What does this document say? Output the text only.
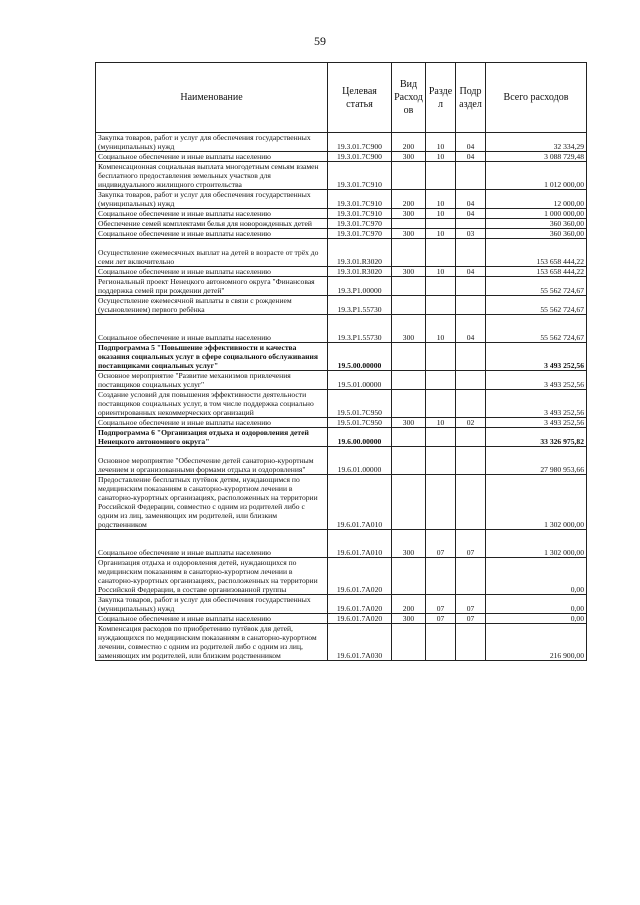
59
Наименование	Целевая статья	Вид Расход ов	Разде л	Подр аздел	Всего расходов
Закупка товаров, работ и услуг для обеспечения государственных (муниципальных) нужд	19.3.01.7С900	200	10	04	32 334,29
Социальное обеспечение и иные выплаты населению	19.3.01.7С900	300	10	04	3 088 729,48
Компенсационная социальная выплата многодетным семьям взамен бесплатного предоставления земельных участков для индивидуального жилищного строительства	19.3.01.7С910				1 012 000,00
Закупка товаров, работ и услуг для обеспечения государственных (муниципальных) нужд	19.3.01.7С910	200	10	04	12 000,00
Социальное обеспечение и иные выплаты населению	19.3.01.7С910	300	10	04	1 000 000,00
Обеспечение семей комплектами белья для новорожденных детей	19.3.01.7С970				360 360,00
Социальное обеспечение и иные выплаты населению	19.3.01.7С970	300	10	03	360 360,00
Осуществление ежемесячных выплат на детей в возрасте от трёх до семи лет включительно	19.3.01.R3020				153 658 444,22
Социальное обеспечение и иные выплаты населению	19.3.01.R3020	300	10	04	153 658 444,22
Региональный проект Ненецкого автономного округа "Финансовая поддержка семей при рождении детей"	19.3.Р1.00000				55 562 724,67
Осуществление ежемесячной выплаты в связи с рождением (усыновлением) первого ребёнка	19.3.Р1.55730				55 562 724,67
Социальное обеспечение и иные выплаты населению	19.3.Р1.55730	300	10	04	55 562 724,67
Подпрограмма 5 "Повышение эффективности и качества оказания социальных услуг в сфере социального обслуживания поставщиками социальных услуг"	19.5.00.00000				3 493 252,56
Основное мероприятие "Развитие механизмов привлечения поставщиков социальных услуг"	19.5.01.00000				3 493 252,56
Создание условий для повышения эффективности деятельности поставщиков социальных услуг, в том числе поддержка социально ориентированных некоммерческих организаций	19.5.01.7С950				3 493 252,56
Социальное обеспечение и иные выплаты населению	19.5.01.7С950	300	10	02	3 493 252,56
Подпрограмма 6 "Организация отдыха и оздоровления детей Ненецкого автономного округа"	19.6.00.00000				33 326 975,82
Основное мероприятие "Обеспечение детей санаторно-курортным лечением и организованными формами отдыха и оздоровления"	19.6.01.00000				27 980 953,66
Предоставление бесплатных путёвок детям, нуждающимся по медицинским показаниям в санаторно-курортном лечении в санаторно-курортных организациях, расположенных на территории Российской Федерации, совместно с одним из родителей либо с одним из лиц, заменяющих им родителей, или близким родственником	19.6.01.7А010				1 302 000,00
Социальное обеспечение и иные выплаты населению	19.6.01.7А010	300	07	07	1 302 000,00
Организация отдыха и оздоровления детей, нуждающихся по медицинским показаниям в санаторно-курортном лечении в санаторно-курортных организациях, расположенных на территории Российской Федерации, в составе организованной группы	19.6.01.7А020				0,00
Закупка товаров, работ и услуг для обеспечения государственных (муниципальных) нужд	19.6.01.7А020	200	07	07	0,00
Социальное обеспечение и иные выплаты населению	19.6.01.7А020	300	07	07	0,00
Компенсация расходов по приобретению путёвок для детей, нуждающихся по медицинским показаниям в санаторно-курортном лечении, совместно с одним из родителей либо с одним из лиц, заменяющих им родителей, или близким родственником	19.6.01.7А030				216 900,00
